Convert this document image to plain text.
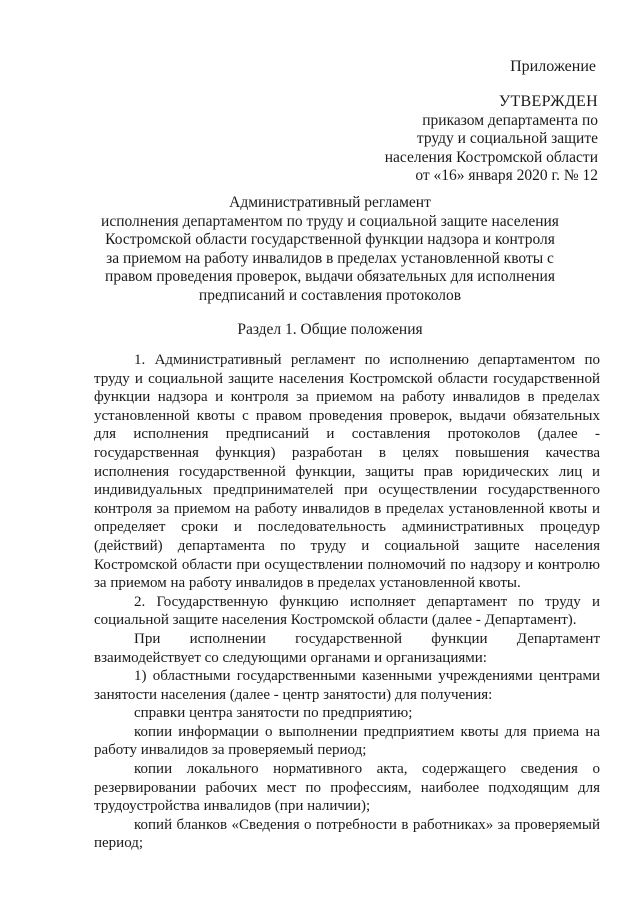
Приложение
УТВЕРЖДЕН
приказом департамента по
труду и социальной защите
населения Костромской области
от «16» января 2020 г. № 12
Административный регламент
исполнения департаментом по труду и социальной защите населения
Костромской области государственной функции надзора и контроля
за приемом на работу инвалидов в пределах установленной квоты с
правом проведения проверок, выдачи обязательных для исполнения
предписаний и составления протоколов
Раздел 1. Общие положения

1. Административный регламент по исполнению департаментом по труду и социальной защите населения Костромской области государственной функции надзора и контроля за приемом на работу инвалидов в пределах установленной квоты с правом проведения проверок, выдачи обязательных для исполнения предписаний и составления протоколов (далее - государственная функция) разработан в целях повышения качества исполнения государственной функции, защиты прав юридических лиц и индивидуальных предпринимателей при осуществлении государственного контроля за приемом на работу инвалидов в пределах установленной квоты и определяет сроки и последовательность административных процедур (действий) департамента по труду и социальной защите населения Костромской области при осуществлении полномочий по надзору и контролю за приемом на работу инвалидов в пределах установленной квоты.

2. Государственную функцию исполняет департамент по труду и социальной защите населения Костромской области (далее - Департамент).

При исполнении государственной функции Департамент взаимодействует со следующими органами и организациями:

1) областными государственными казенными учреждениями центрами занятости населения (далее - центр занятости) для получения:

справки центра занятости по предприятию;

копии информации о выполнении предприятием квоты для приема на работу инвалидов за проверяемый период;

копии локального нормативного акта, содержащего сведения о резервировании рабочих мест по профессиям, наиболее подходящим для трудоустройства инвалидов (при наличии);

копий бланков «Сведения о потребности в работниках» за проверяемый период;
